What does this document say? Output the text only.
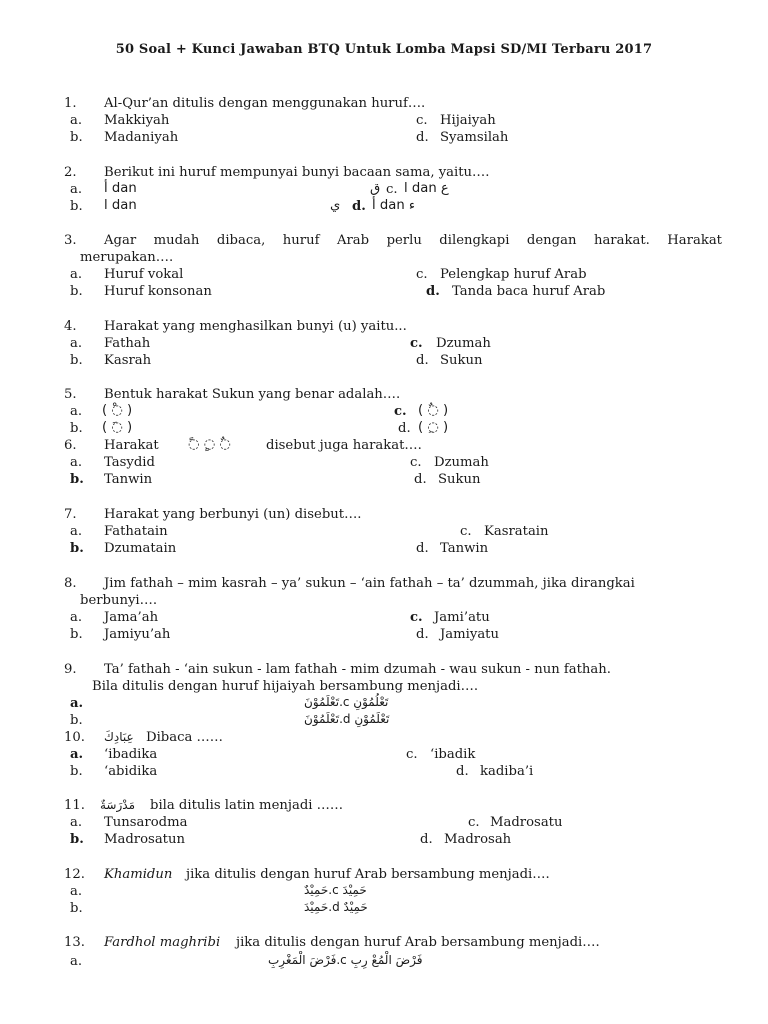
50 Soal + Kunci Jawaban BTQ Untuk Lomba Mapsi SD/MI Terbaru 2017
1. Al-Qur’an ditulis dengan menggunakan huruf….
a. Makkiyah	c. Hijaiyah
b. Madaniyah	d. Syamsilah
2. Berikut ini huruf mempunyai bunyi bacaan sama, yaitu….
a. أ dan	ق c. ا dan ع
b. ا dan	ي d. أ dan ء
3. Agar mudah dibaca, huruf Arab perlu dilengkapi dengan harakat. Harakat
merupakan….
a. Huruf vokal	c. Pelengkap huruf Arab
b. Huruf konsonan	d. Tanda baca huruf Arab
4. Harakat yang menghasilkan bunyi (u) yaitu...
a. Fathah	c. Dzumah
b. Kasrah	d. Sukun
5. Bentuk harakat Sukun yang benar adalah….
a. ( ◌ْ )	c. ( ◌ٌ )
b. ( ◌َ )	d. ( ◌ِ )
6. Harakat ◌ً ◌ٍ ◌ٌ	disebut juga harakat….
a. Tasydid	c. Dzumah
b. Tanwin	d. Sukun
7. Harakat yang berbunyi (un) disebut….
a. Fathatain	c. Kasratain
b. Dzumatain	d. Tanwin
8. Jim fathah – mim kasrah – ya’ sukun – ‘ain fathah – ta’ dzummah, jika dirangkai
berbunyi….
a. Jama’ah	c. Jami’atu
b. Jamiyu’ah	d. Jamiyatu
9. Ta’ fathah - ‘ain sukun - lam fathah - mim dzumah - wau sukun - nun fathah.
Bila ditulis dengan huruf hijaiyah bersambung menjadi….
a.	تَعْلَمُوْنَ.c تَعْلُمُوْنِ
b.	تَعْلَمُوْنَ.d تَعْلَمُوْنِ
10. عِبَادِكَ Dibaca ……
a. ‘ibadika	c. ‘ibadik
b. ‘abidika	d. kadiba’i
11. مَدْرَسَةٌ bila ditulis latin menjadi ……
a. Tunsarodma	c. Madrosatu
b. Madrosatun	d. Madrosah
12. Khamidun jika ditulis dengan huruf Arab bersambung menjadi….
a.	حَمِيْدٌ.c حَمِيْدَ
b.	حَمِيْدَ.d حَمِيْدٌ
13. Fardhol maghribi jika ditulis dengan huruf Arab bersambung menjadi….
a.	فَرْضَ الْمَغْرِبِ.c فَرْضَ الْمُعْ رِبِ
